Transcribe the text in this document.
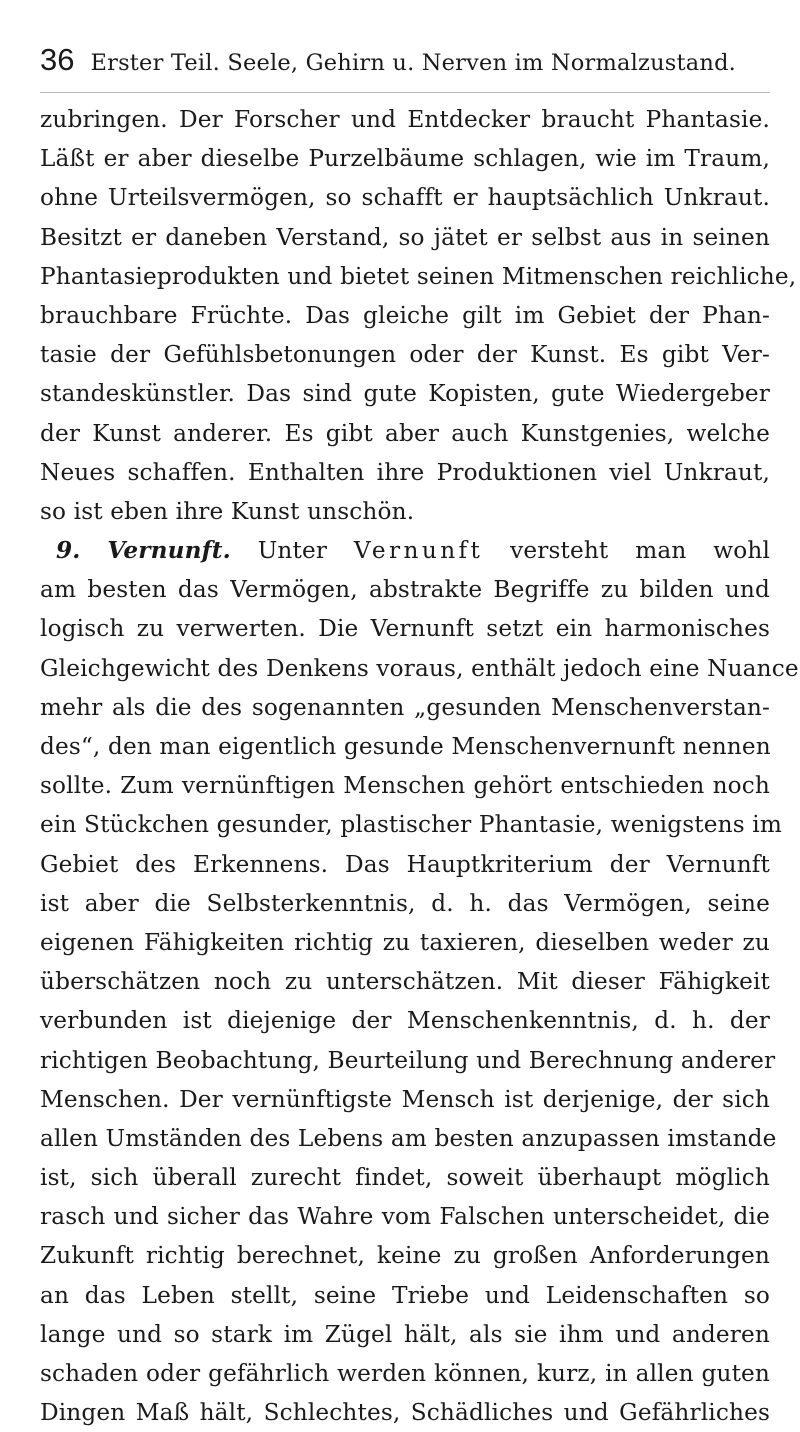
36 Erster Teil. Seele, Gehirn u. Nerven im Normalzustand.
zubringen. Der Forscher und Entdecker braucht Phantasie.
Läßt er aber dieselbe Purzelbäume schlagen, wie im Traum,
ohne Urteilsvermögen, so schafft er hauptsächlich Unkraut.
Besitzt er daneben Verstand, so jätet er selbst aus in seinen
Phantasieprodukten und bietet seinen Mitmenschen reichliche,
brauchbare Früchte. Das gleiche gilt im Gebiet der Phan-
tasie der Gefühlsbetonungen oder der Kunst. Es gibt Ver-
standeskünstler. Das sind gute Kopisten, gute Wiedergeber
der Kunst anderer. Es gibt aber auch Kunstgenies, welche
Neues schaffen. Enthalten ihre Produktionen viel Unkraut,
so ist eben ihre Kunst unschön.
9. Vernunft. Unter Vernunft versteht man wohl
am besten das Vermögen, abstrakte Begriffe zu bilden und
logisch zu verwerten. Die Vernunft setzt ein harmonisches
Gleichgewicht des Denkens voraus, enthält jedoch eine Nuance
mehr als die des sogenannten „gesunden Menschenverstan-
des“, den man eigentlich gesunde Menschenvernunft nennen
sollte. Zum vernünftigen Menschen gehört entschieden noch
ein Stückchen gesunder, plastischer Phantasie, wenigstens im
Gebiet des Erkennens. Das Hauptkriterium der Vernunft
ist aber die Selbsterkenntnis, d. h. das Vermögen, seine
eigenen Fähigkeiten richtig zu taxieren, dieselben weder zu
überschätzen noch zu unterschätzen. Mit dieser Fähigkeit
verbunden ist diejenige der Menschenkenntnis, d. h. der
richtigen Beobachtung, Beurteilung und Berechnung anderer
Menschen. Der vernünftigste Mensch ist derjenige, der sich
allen Umständen des Lebens am besten anzupassen imstande
ist, sich überall zurecht findet, soweit überhaupt möglich
rasch und sicher das Wahre vom Falschen unterscheidet, die
Zukunft richtig berechnet, keine zu großen Anforderungen
an das Leben stellt, seine Triebe und Leidenschaften so
lange und so stark im Zügel hält, als sie ihm und anderen
schaden oder gefährlich werden können, kurz, in allen guten
Dingen Maß hält, Schlechtes, Schädliches und Gefährliches
